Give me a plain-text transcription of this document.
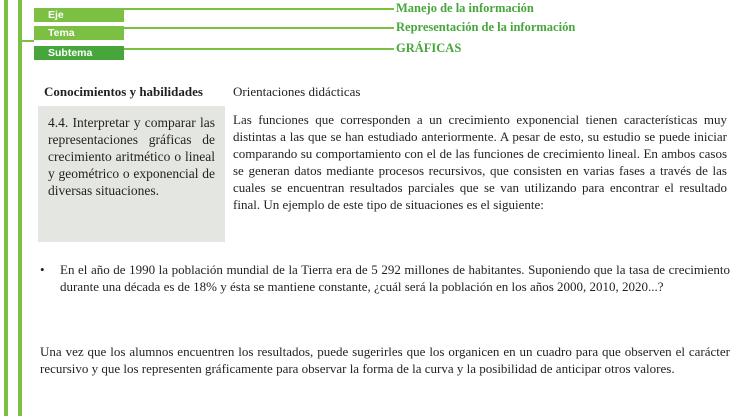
Eje
Tema
Subtema
Manejo de la información
Representación de la información
GRÁFICAS
Conocimientos y habilidades Orientaciones didácticas
4.4. Interpretar y comparar las representaciones gráficas de crecimiento aritmético o lineal y geométrico o exponencial de diversas situaciones.
Las funciones que corresponden a un crecimiento exponencial tienen características muy distintas a las que se han estudiado anteriormente. A pesar de esto, su estudio se puede iniciar comparando su comportamiento con el de las funciones de crecimiento lineal. En ambos casos se generan datos mediante procesos recursivos, que consisten en varias fases a través de las cuales se encuentran resultados parciales que se van utilizando para encontrar el resultado final. Un ejemplo de este tipo de situaciones es el siguiente:
• En el año de 1990 la población mundial de la Tierra era de 5 292 millones de habitantes. Suponiendo que la tasa de crecimiento durante una década es de 18% y ésta se mantiene constante, ¿cuál será la población en los años 2000, 2010, 2020...?
Una vez que los alumnos encuentren los resultados, puede sugerirles que los organicen en un cuadro para que observen el carácter recursivo y que los representen gráficamente para observar la forma de la curva y la posibilidad de anticipar otros valores.
